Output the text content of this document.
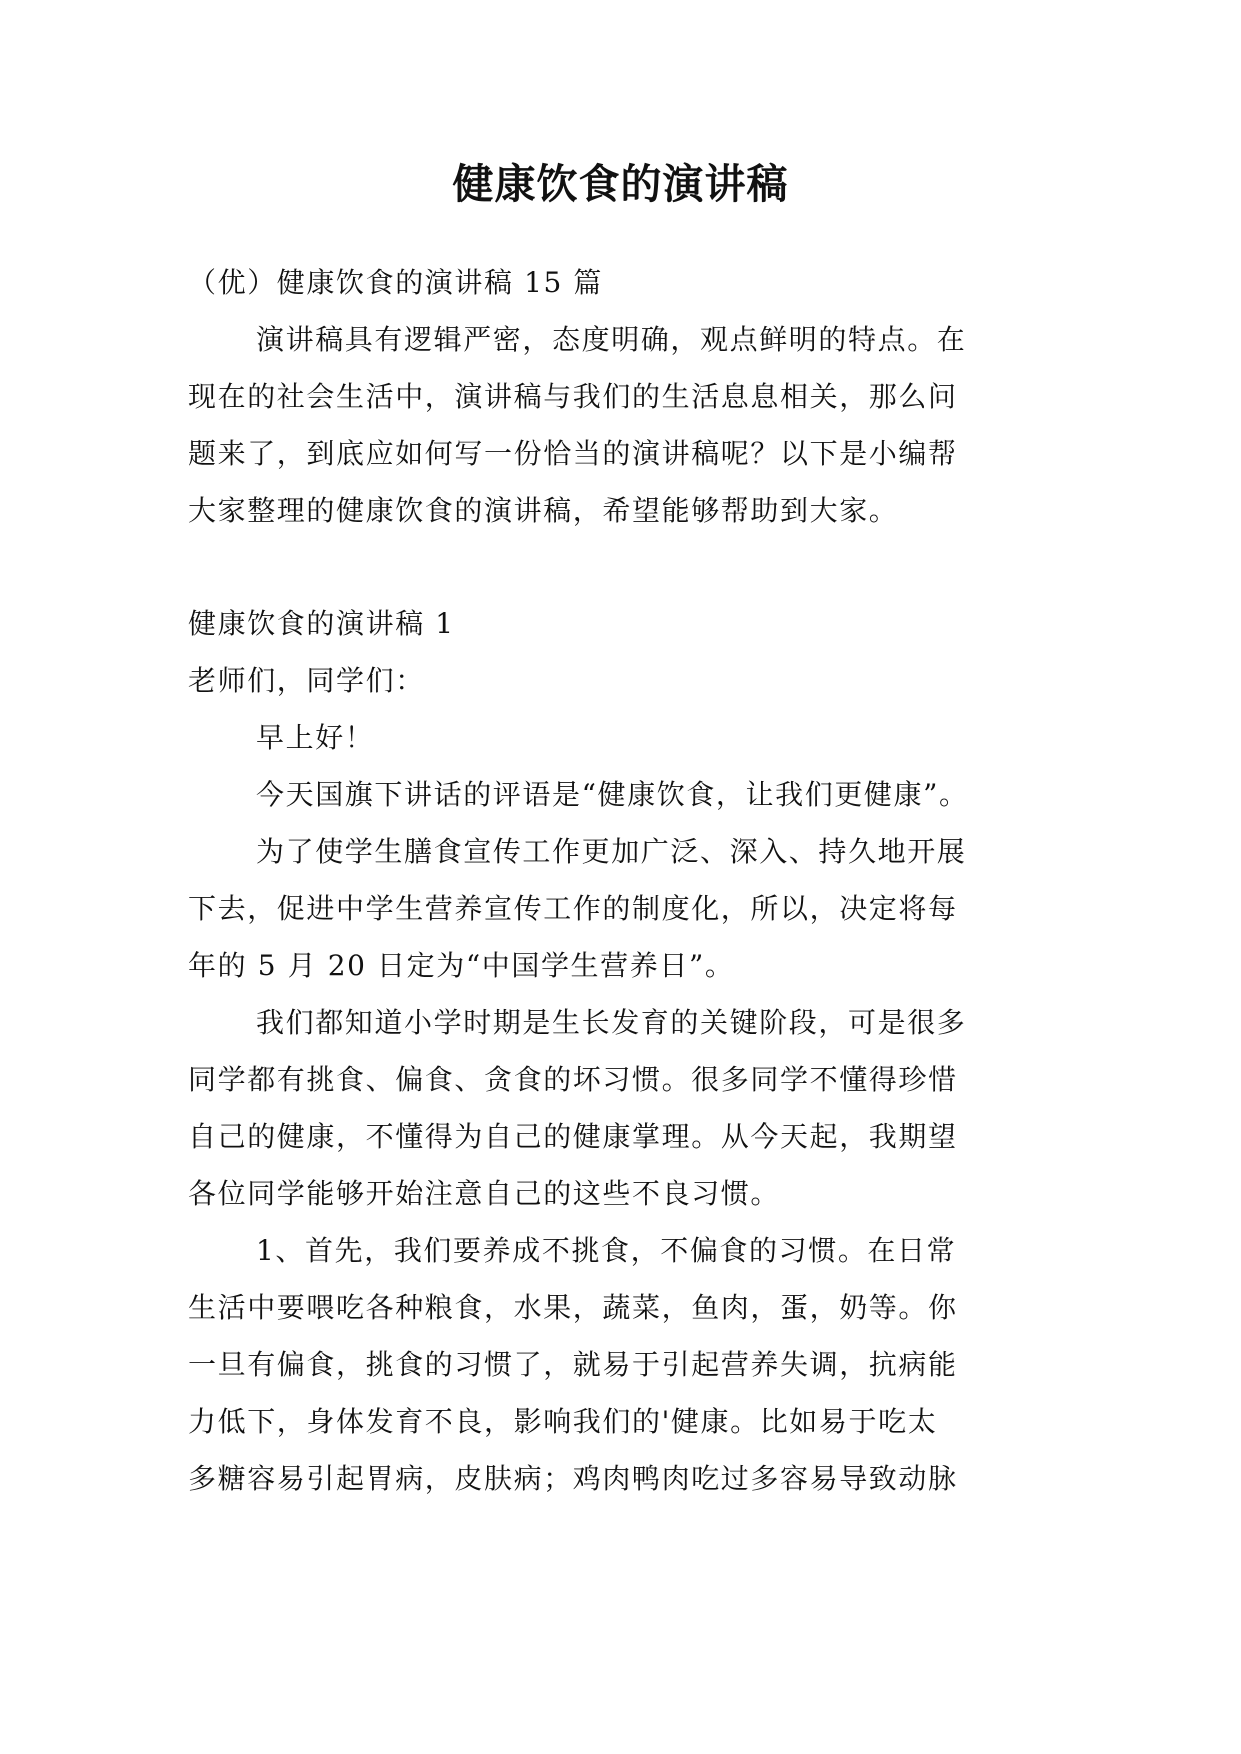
健康饮食的演讲稿
（优）健康饮食的演讲稿 15 篇
演讲稿具有逻辑严密，态度明确，观点鲜明的特点。在
现在的社会生活中，演讲稿与我们的生活息息相关，那么问
题来了，到底应如何写一份恰当的演讲稿呢？以下是小编帮
大家整理的健康饮食的演讲稿，希望能够帮助到大家。
健康饮食的演讲稿 1
老师们，同学们：
早上好！
今天国旗下讲话的评语是“健康饮食，让我们更健康”。
为了使学生膳食宣传工作更加广泛、深入、持久地开展
下去，促进中学生营养宣传工作的制度化，所以，决定将每
年的 5 月 20 日定为“中国学生营养日”。
我们都知道小学时期是生长发育的关键阶段，可是很多
同学都有挑食、偏食、贪食的坏习惯。很多同学不懂得珍惜
自己的健康，不懂得为自己的健康掌理。从今天起，我期望
各位同学能够开始注意自己的这些不良习惯。
1、首先，我们要养成不挑食，不偏食的习惯。在日常
生活中要喂吃各种粮食，水果，蔬菜，鱼肉，蛋，奶等。你
一旦有偏食，挑食的习惯了，就易于引起营养失调，抗病能
力低下，身体发育不良，影响我们的'健康。比如易于吃太
多糖容易引起胃病，皮肤病；鸡肉鸭肉吃过多容易导致动脉
